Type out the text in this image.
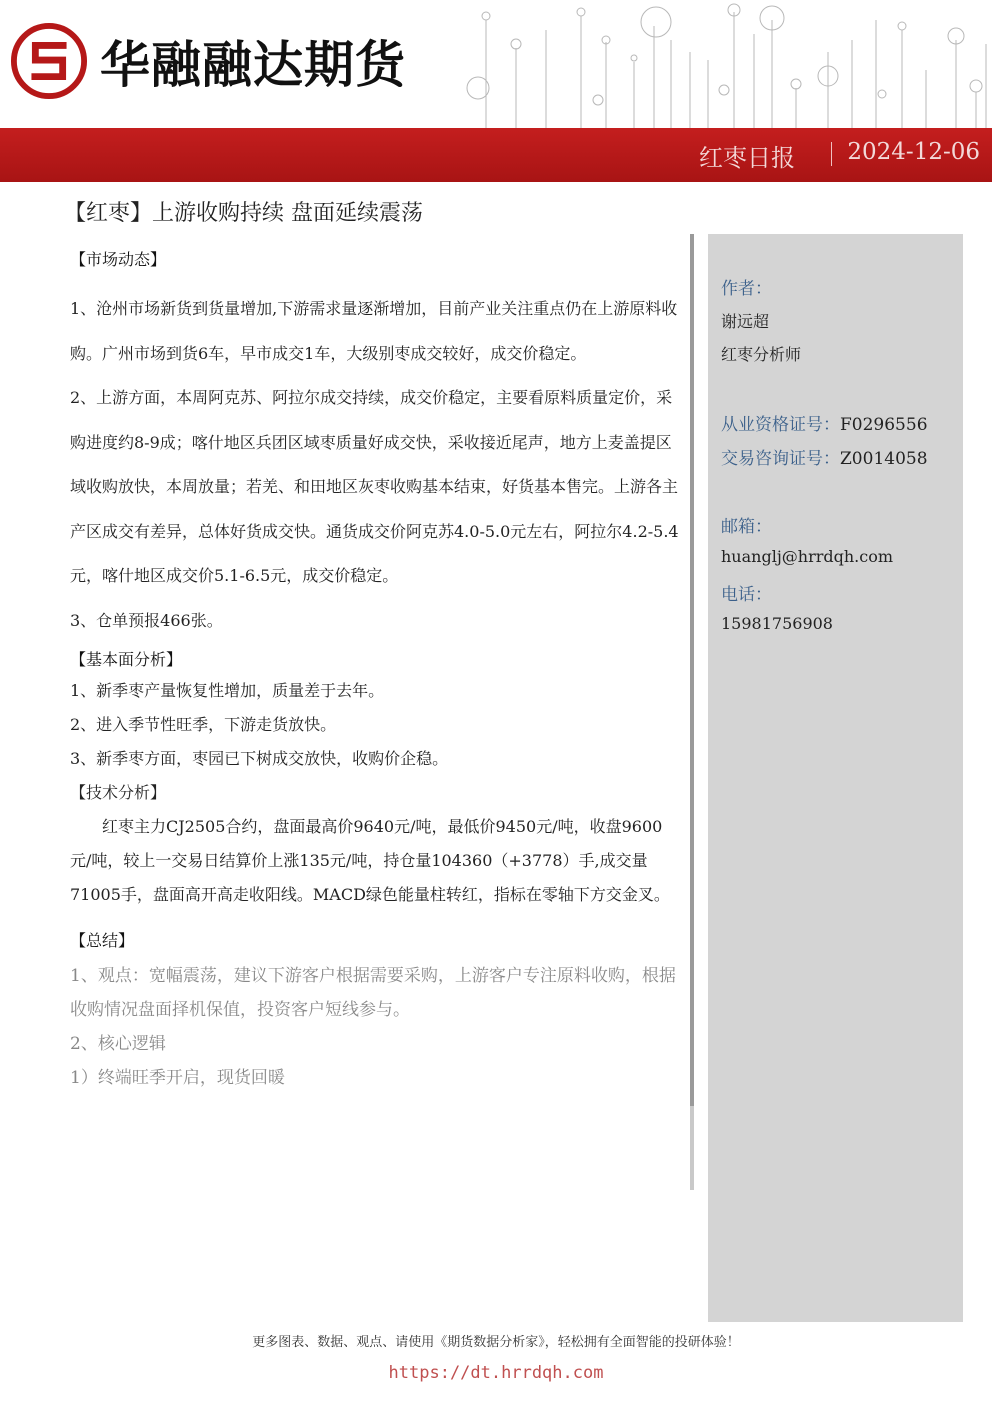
华融融达期货
红枣日报 2024-12-06
【红枣】上游收购持续 盘面延续震荡

【市场动态】

1、沧州市场新货到货量增加,下游需求量逐渐增加，目前产业关注重点仍在上游原料收购。广州市场到货6车，早市成交1车，大级别枣成交较好，成交价稳定。

2、上游方面，本周阿克苏、阿拉尔成交持续，成交价稳定，主要看原料质量定价，采购进度约8-9成；喀什地区兵团区域枣质量好成交快，采收接近尾声，地方上麦盖提区域收购放快，本周放量；若羌、和田地区灰枣收购基本结束，好货基本售完。上游各主产区成交有差异，总体好货成交快。通货成交价阿克苏4.0-5.0元左右，阿拉尔4.2-5.4元，喀什地区成交价5.1-6.5元，成交价稳定。

3、仓单预报466张。

【基本面分析】

1、新季枣产量恢复性增加，质量差于去年。

2、进入季节性旺季，下游走货放快。

3、新季枣方面，枣园已下树成交放快，收购价企稳。

【技术分析】

红枣主力CJ2505合约，盘面最高价9640元/吨，最低价9450元/吨，收盘9600元/吨，较上一交易日结算价上涨135元/吨，持仓量104360（+3778）手,成交量71005手，盘面高开高走收阳线。MACD绿色能量柱转红，指标在零轴下方交金叉。

【总结】

1、观点：宽幅震荡，建议下游客户根据需要采购，上游客户专注原料收购，根据收购情况盘面择机保值，投资客户短线参与。

2、核心逻辑

1）终端旺季开启，现货回暖

作者：
谢远超
红枣分析师
从业资格证号：F0296556
交易咨询证号：Z0014058
邮箱：
huanglj@hrrdqh.com
电话：
15981756908
更多图表、数据、观点、请使用《期货数据分析家》，轻松拥有全面智能的投研体验！
https://dt.hrrdqh.com
